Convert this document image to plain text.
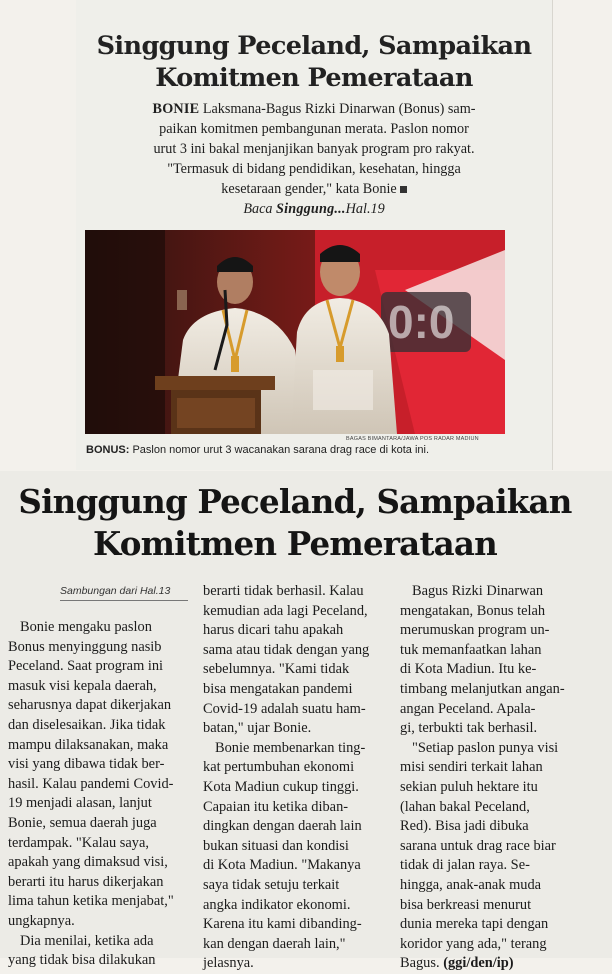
Singgung Peceland, Sampaikan
Komitmen Pemerataan
BONIE Laksmana-Bagus Rizki Dinarwan (Bonus) sam-
paikan komitmen pembangunan merata. Paslon nomor
urut 3 ini bakal menjanjikan banyak program pro rakyat.
"Termasuk di bidang pendidikan, kesehatan, hingga
kesetaraan gender," kata Bonie
Baca Singgung...Hal.19
0:0
BAGAS BIMANTARA/JAWA POS RADAR MADIUN
BONUS: Paslon nomor urut 3 wacanakan sarana drag race di kota ini.
Singgung Peceland, Sampaikan
Komitmen Pemerataan
Sambungan dari Hal.13
Bonie mengaku paslon
Bonus menyinggung nasib
Peceland. Saat program ini
masuk visi kepala daerah,
seharusnya dapat dikerjakan
dan diselesaikan. Jika tidak
mampu dilaksanakan, maka
visi yang dibawa tidak ber-
hasil. Kalau pandemi Covid-
19 menjadi alasan, lanjut
Bonie, semua daerah juga
terdampak. "Kalau saya,
apakah yang dimaksud visi,
berarti itu harus dikerjakan
lima tahun ketika menjabat,"
ungkapnya.
Dia menilai, ketika ada
yang tidak bisa dilakukan
berarti tidak berhasil. Kalau
kemudian ada lagi Peceland,
harus dicari tahu apakah
sama atau tidak dengan yang
sebelumnya. "Kami tidak
bisa mengatakan pandemi
Covid-19 adalah suatu ham-
batan," ujar Bonie.
Bonie membenarkan ting-
kat pertumbuhan ekonomi
Kota Madiun cukup tinggi.
Capaian itu ketika diban-
dingkan dengan daerah lain
bukan situasi dan kondisi
di Kota Madiun. "Makanya
saya tidak setuju terkait
angka indikator ekonomi.
Karena itu kami dibanding-
kan dengan daerah lain,"
jelasnya.
Bagus Rizki Dinarwan
mengatakan, Bonus telah
merumuskan program un-
tuk memanfaatkan lahan
di Kota Madiun. Itu ke-
timbang melanjutkan angan-
angan Peceland. Apala-
gi, terbukti tak berhasil.
"Setiap paslon punya visi
misi sendiri terkait lahan
sekian puluh hektare itu
(lahan bakal Peceland,
Red). Bisa jadi dibuka
sarana untuk drag race biar
tidak di jalan raya. Se-
hingga, anak-anak muda
bisa berkreasi menurut
dunia mereka tapi dengan
koridor yang ada," terang
Bagus. (ggi/den/ip)
